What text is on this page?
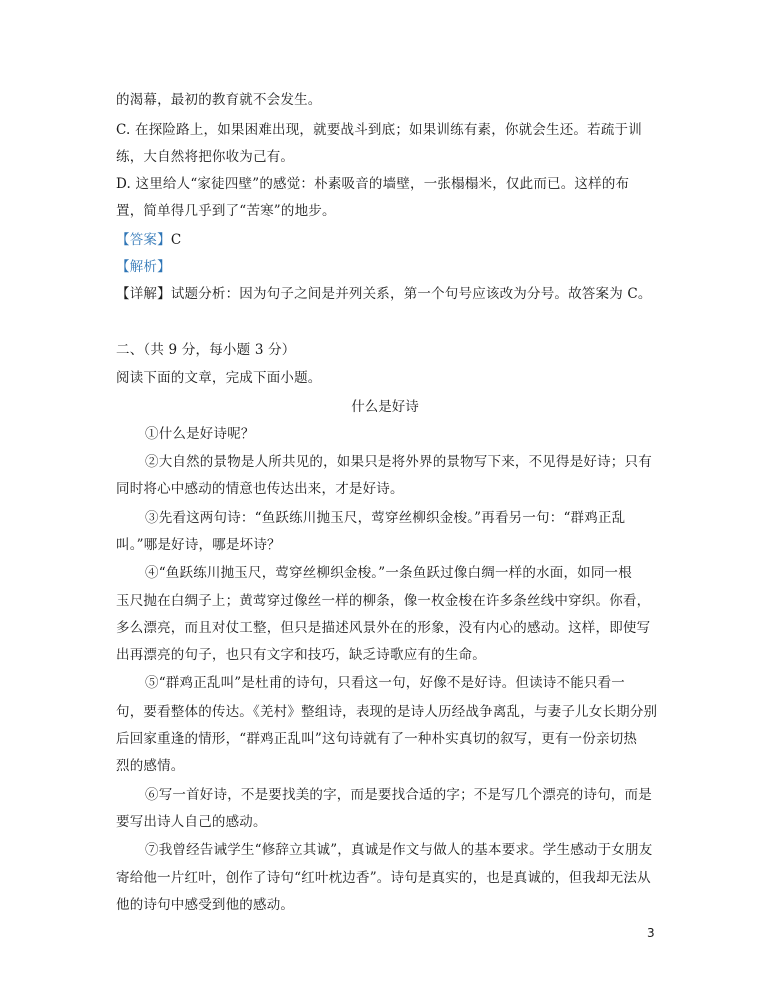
的渴幕，最初的教育就不会发生。
C. 在探险路上，如果困难出现，就要战斗到底；如果训练有素，你就会生还。若疏于训
练，大自然将把你收为己有。
D. 这里给人“家徒四壁”的感觉：朴素吸音的墙壁，一张榻榻米，仅此而已。这样的布
置，简单得几乎到了“苦寒”的地步。
【答案】C
【解析】
【详解】试题分析：因为句子之间是并列关系，第一个句号应该改为分号。故答案为 C。
二、（共 9 分，每小题 3 分）
阅读下面的文章，完成下面小题。
什么是好诗
①什么是好诗呢？
②大自然的景物是人所共见的，如果只是将外界的景物写下来，不见得是好诗；只有
同时将心中感动的情意也传达出来，才是好诗。
③先看这两句诗：“鱼跃练川抛玉尺，莺穿丝柳织金梭。”再看另一句：“群鸡正乱
叫。”哪是好诗，哪是坏诗？
④“鱼跃练川抛玉尺，莺穿丝柳织金梭。”一条鱼跃过像白绸一样的水面，如同一根
玉尺抛在白绸子上；黄莺穿过像丝一样的柳条，像一枚金梭在许多条丝线中穿织。你看，
多么漂亮，而且对仗工整，但只是描述风景外在的形象，没有内心的感动。这样，即使写
出再漂亮的句子，也只有文字和技巧，缺乏诗歌应有的生命。
⑤“群鸡正乱叫”是杜甫的诗句，只看这一句，好像不是好诗。但读诗不能只看一
句，要看整体的传达。《羌村》整组诗，表现的是诗人历经战争离乱，与妻子儿女长期分别
后回家重逢的情形，“群鸡正乱叫”这句诗就有了一种朴实真切的叙写，更有一份亲切热
烈的感情。
⑥写一首好诗，不是要找美的字，而是要找合适的字；不是写几个漂亮的诗句，而是
要写出诗人自己的感动。
⑦我曾经告诫学生“修辞立其诚”，真诚是作文与做人的基本要求。学生感动于女朋友
寄给他一片红叶，创作了诗句“红叶枕边香”。诗句是真实的，也是真诚的，但我却无法从
他的诗句中感受到他的感动。
3
